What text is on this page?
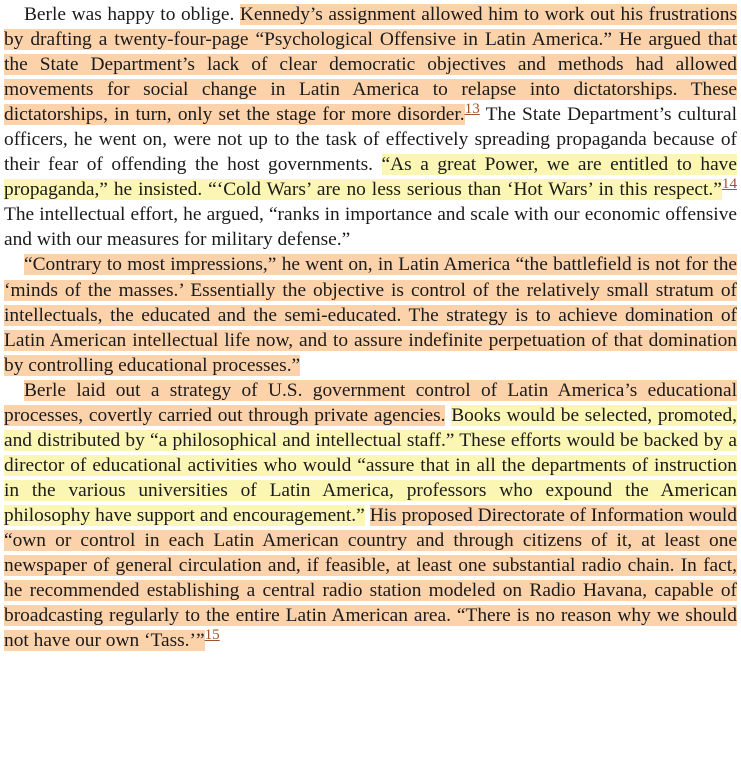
Berle was happy to oblige. Kennedy’s assignment allowed him to work out his frustrations by drafting a twenty-four-page “Psychological Offensive in Latin America.” He argued that the State Department’s lack of clear democratic objectives and methods had allowed movements for social change in Latin America to relapse into dictatorships. These dictatorships, in turn, only set the stage for more disorder.$^{13}$ The State Department’s cultural officers, he went on, were not up to the task of effectively spreading propaganda because of their fear of offending the host governments. “As a great Power, we are entitled to have propaganda,” he insisted. “‘Cold Wars’ are no less serious than ‘Hot Wars’ in this respect.”$^{14}$ The intellectual effort, he argued, “ranks in importance and scale with our economic offensive and with our measures for military defense.”

“Contrary to most impressions,” he went on, in Latin America “the battlefield is not for the ‘minds of the masses.’ Essentially the objective is control of the relatively small stratum of intellectuals, the educated and the semi-educated. The strategy is to achieve domination of Latin American intellectual life now, and to assure indefinite perpetuation of that domination by controlling educational processes.”

Berle laid out a strategy of U.S. government control of Latin America’s educational processes, covertly carried out through private agencies. Books would be selected, promoted, and distributed by “a philosophical and intellectual staff.” These efforts would be backed by a director of educational activities who would “assure that in all the departments of instruction in the various universities of Latin America, professors who expound the American philosophy have support and encouragement.” His proposed Directorate of Information would “own or control in each Latin American country and through citizens of it, at least one newspaper of general circulation and, if feasible, at least one substantial radio chain. In fact, he recommended establishing a central radio station modeled on Radio Havana, capable of broadcasting regularly to the entire Latin American area. “There is no reason why we should not have our own ‘Tass.’”$^{15}$
